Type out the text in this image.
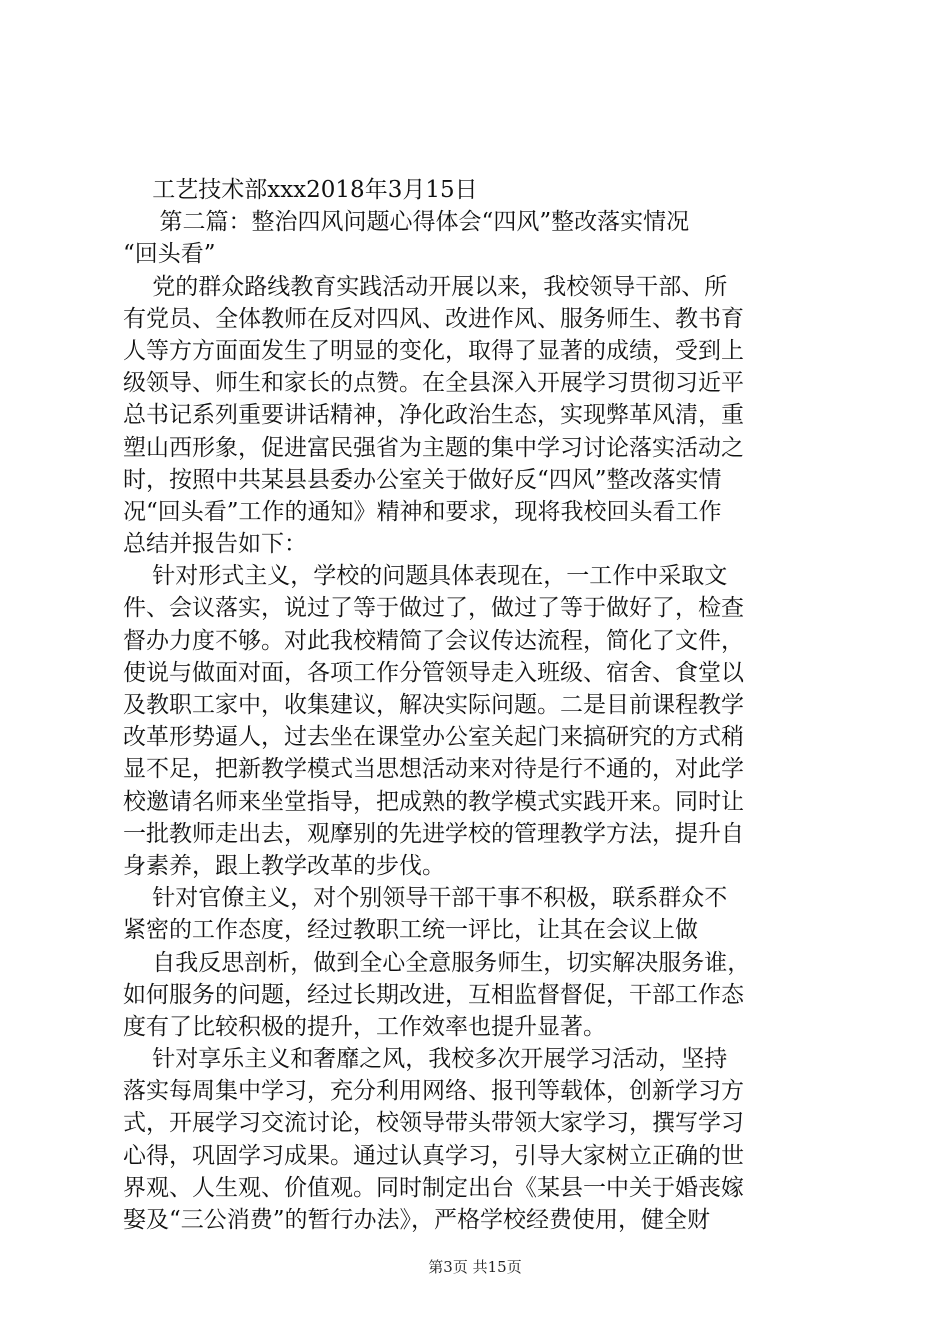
工艺技术部xxx2018年3月15日
第二篇：整治四风问题心得体会“四风”整改落实情况
“回头看”
党的群众路线教育实践活动开展以来，我校领导干部、所
有党员、全体教师在反对四风、改进作风、服务师生、教书育
人等方方面面发生了明显的变化，取得了显著的成绩，受到上
级领导、师生和家长的点赞。在全县深入开展学习贯彻习近平
总书记系列重要讲话精神，净化政治生态，实现弊革风清，重
塑山西形象，促进富民强省为主题的集中学习讨论落实活动之
时，按照中共某县县委办公室关于做好反“四风”整改落实情
况“回头看”工作的通知》精神和要求，现将我校回头看工作
总结并报告如下：
针对形式主义，学校的问题具体表现在，一工作中采取文
件、会议落实，说过了等于做过了，做过了等于做好了，检查
督办力度不够。对此我校精简了会议传达流程，简化了文件，
使说与做面对面，各项工作分管领导走入班级、宿舍、食堂以
及教职工家中，收集建议，解决实际问题。二是目前课程教学
改革形势逼人，过去坐在课堂办公室关起门来搞研究的方式稍
显不足，把新教学模式当思想活动来对待是行不通的，对此学
校邀请名师来坐堂指导，把成熟的教学模式实践开来。同时让
一批教师走出去，观摩别的先进学校的管理教学方法，提升自
身素养，跟上教学改革的步伐。
针对官僚主义，对个别领导干部干事不积极，联系群众不
紧密的工作态度，经过教职工统一评比，让其在会议上做
自我反思剖析，做到全心全意服务师生，切实解决服务谁，
如何服务的问题，经过长期改进，互相监督督促，干部工作态
度有了比较积极的提升，工作效率也提升显著。
针对享乐主义和奢靡之风，我校多次开展学习活动，坚持
落实每周集中学习，充分利用网络、报刊等载体，创新学习方
式，开展学习交流讨论，校领导带头带领大家学习，撰写学习
心得，巩固学习成果。通过认真学习，引导大家树立正确的世
界观、人生观、价值观。同时制定出台《某县一中关于婚丧嫁
娶及“三公消费”的暂行办法》，严格学校经费使用，健全财
第3页 共15页
